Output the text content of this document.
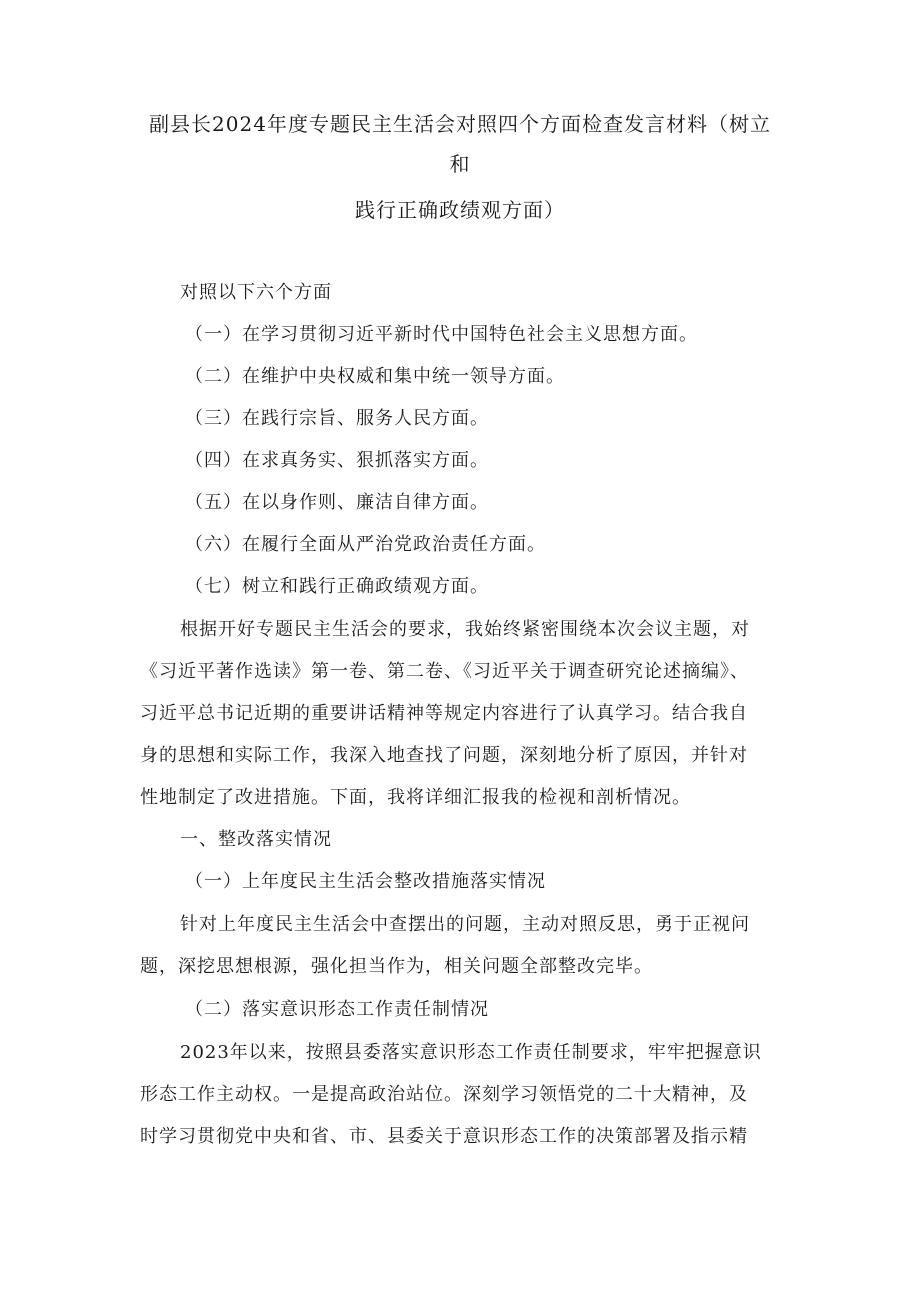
副县长2024年度专题民主生活会对照四个方面检查发言材料（树立
和
践行正确政绩观方面）
对照以下六个方面
（一）在学习贯彻习近平新时代中国特色社会主义思想方面。
（二）在维护中央权威和集中统一领导方面。
（三）在践行宗旨、服务人民方面。
（四）在求真务实、狠抓落实方面。
（五）在以身作则、廉洁自律方面。
（六）在履行全面从严治党政治责任方面。
（七）树立和践行正确政绩观方面。
根据开好专题民主生活会的要求，我始终紧密围绕本次会议主题，对
《习近平著作选读》第一卷、第二卷、《习近平关于调查研究论述摘编》、
习近平总书记近期的重要讲话精神等规定内容进行了认真学习。结合我自
身的思想和实际工作，我深入地查找了问题，深刻地分析了原因，并针对
性地制定了改进措施。下面，我将详细汇报我的检视和剖析情况。
一、整改落实情况
（一）上年度民主生活会整改措施落实情况
针对上年度民主生活会中查摆出的问题，主动对照反思，勇于正视问
题，深挖思想根源，强化担当作为，相关问题全部整改完毕。
（二）落实意识形态工作责任制情况
2023年以来，按照县委落实意识形态工作责任制要求，牢牢把握意识
形态工作主动权。一是提高政治站位。深刻学习领悟党的二十大精神，及
时学习贯彻党中央和省、市、县委关于意识形态工作的决策部署及指示精
